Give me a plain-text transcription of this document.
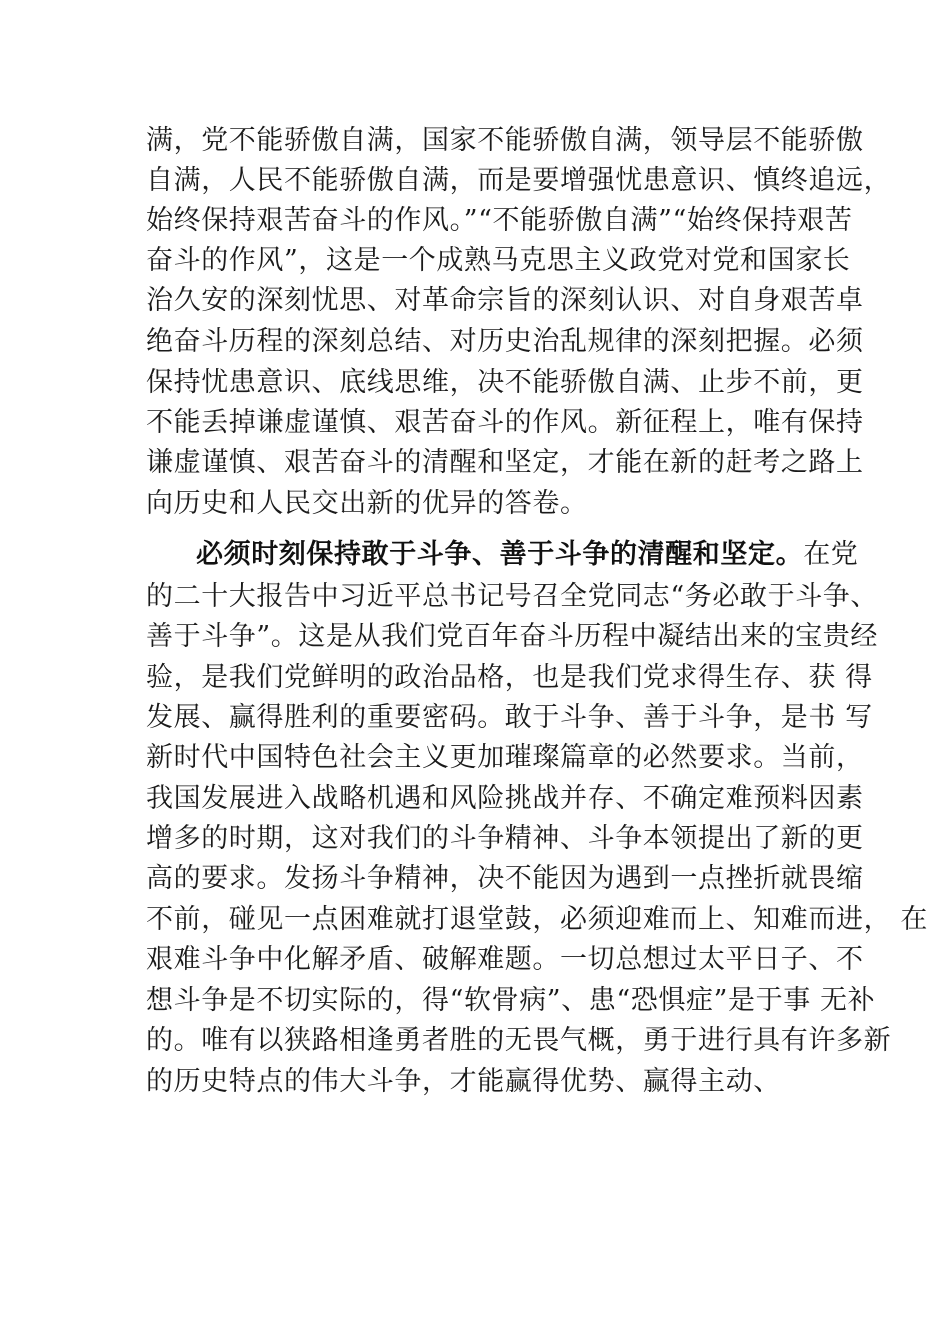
满，党不能骄傲自满，国家不能骄傲自满，领导层不能骄傲
自满，人民不能骄傲自满，而是要增强忧患意识、慎终追远，
始终保持艰苦奋斗的作风。”“不能骄傲自满”“始终保持艰苦
奋斗的作风”，这是一个成熟马克思主义政党对党和国家长
治久安的深刻忧思、对革命宗旨的深刻认识、对自身艰苦卓
绝奋斗历程的深刻总结、对历史治乱规律的深刻把握。必须
保持忧患意识、底线思维，决不能骄傲自满、止步不前，更
不能丢掉谦虚谨慎、艰苦奋斗的作风。新征程上，唯有保持
谦虚谨慎、艰苦奋斗的清醒和坚定，才能在新的赶考之路上
向历史和人民交出新的优异的答卷。
必须时刻保持敢于斗争、善于斗争的清醒和坚定。在党
的二十大报告中习近平总书记号召全党同志“务必敢于斗争、
善于斗争”。这是从我们党百年奋斗历程中凝结出来的宝贵经
验，是我们党鲜明的政治品格，也是我们党求得生存、获 得
发展、赢得胜利的重要密码。敢于斗争、善于斗争，是书 写
新时代中国特色社会主义更加璀璨篇章的必然要求。当前，
我国发展进入战略机遇和风险挑战并存、不确定难预料因素
增多的时期，这对我们的斗争精神、斗争本领提出了新的更
高的要求。发扬斗争精神，决不能因为遇到一点挫折就畏缩
不前，碰见一点困难就打退堂鼓，必须迎难而上、知难而进， 在
艰难斗争中化解矛盾、破解难题。一切总想过太平日子、不
想斗争是不切实际的，得“软骨病”、患“恐惧症”是于事 无补
的。唯有以狭路相逢勇者胜的无畏气概，勇于进行具有许多新
的历史特点的伟大斗争，才能赢得优势、赢得主动、
